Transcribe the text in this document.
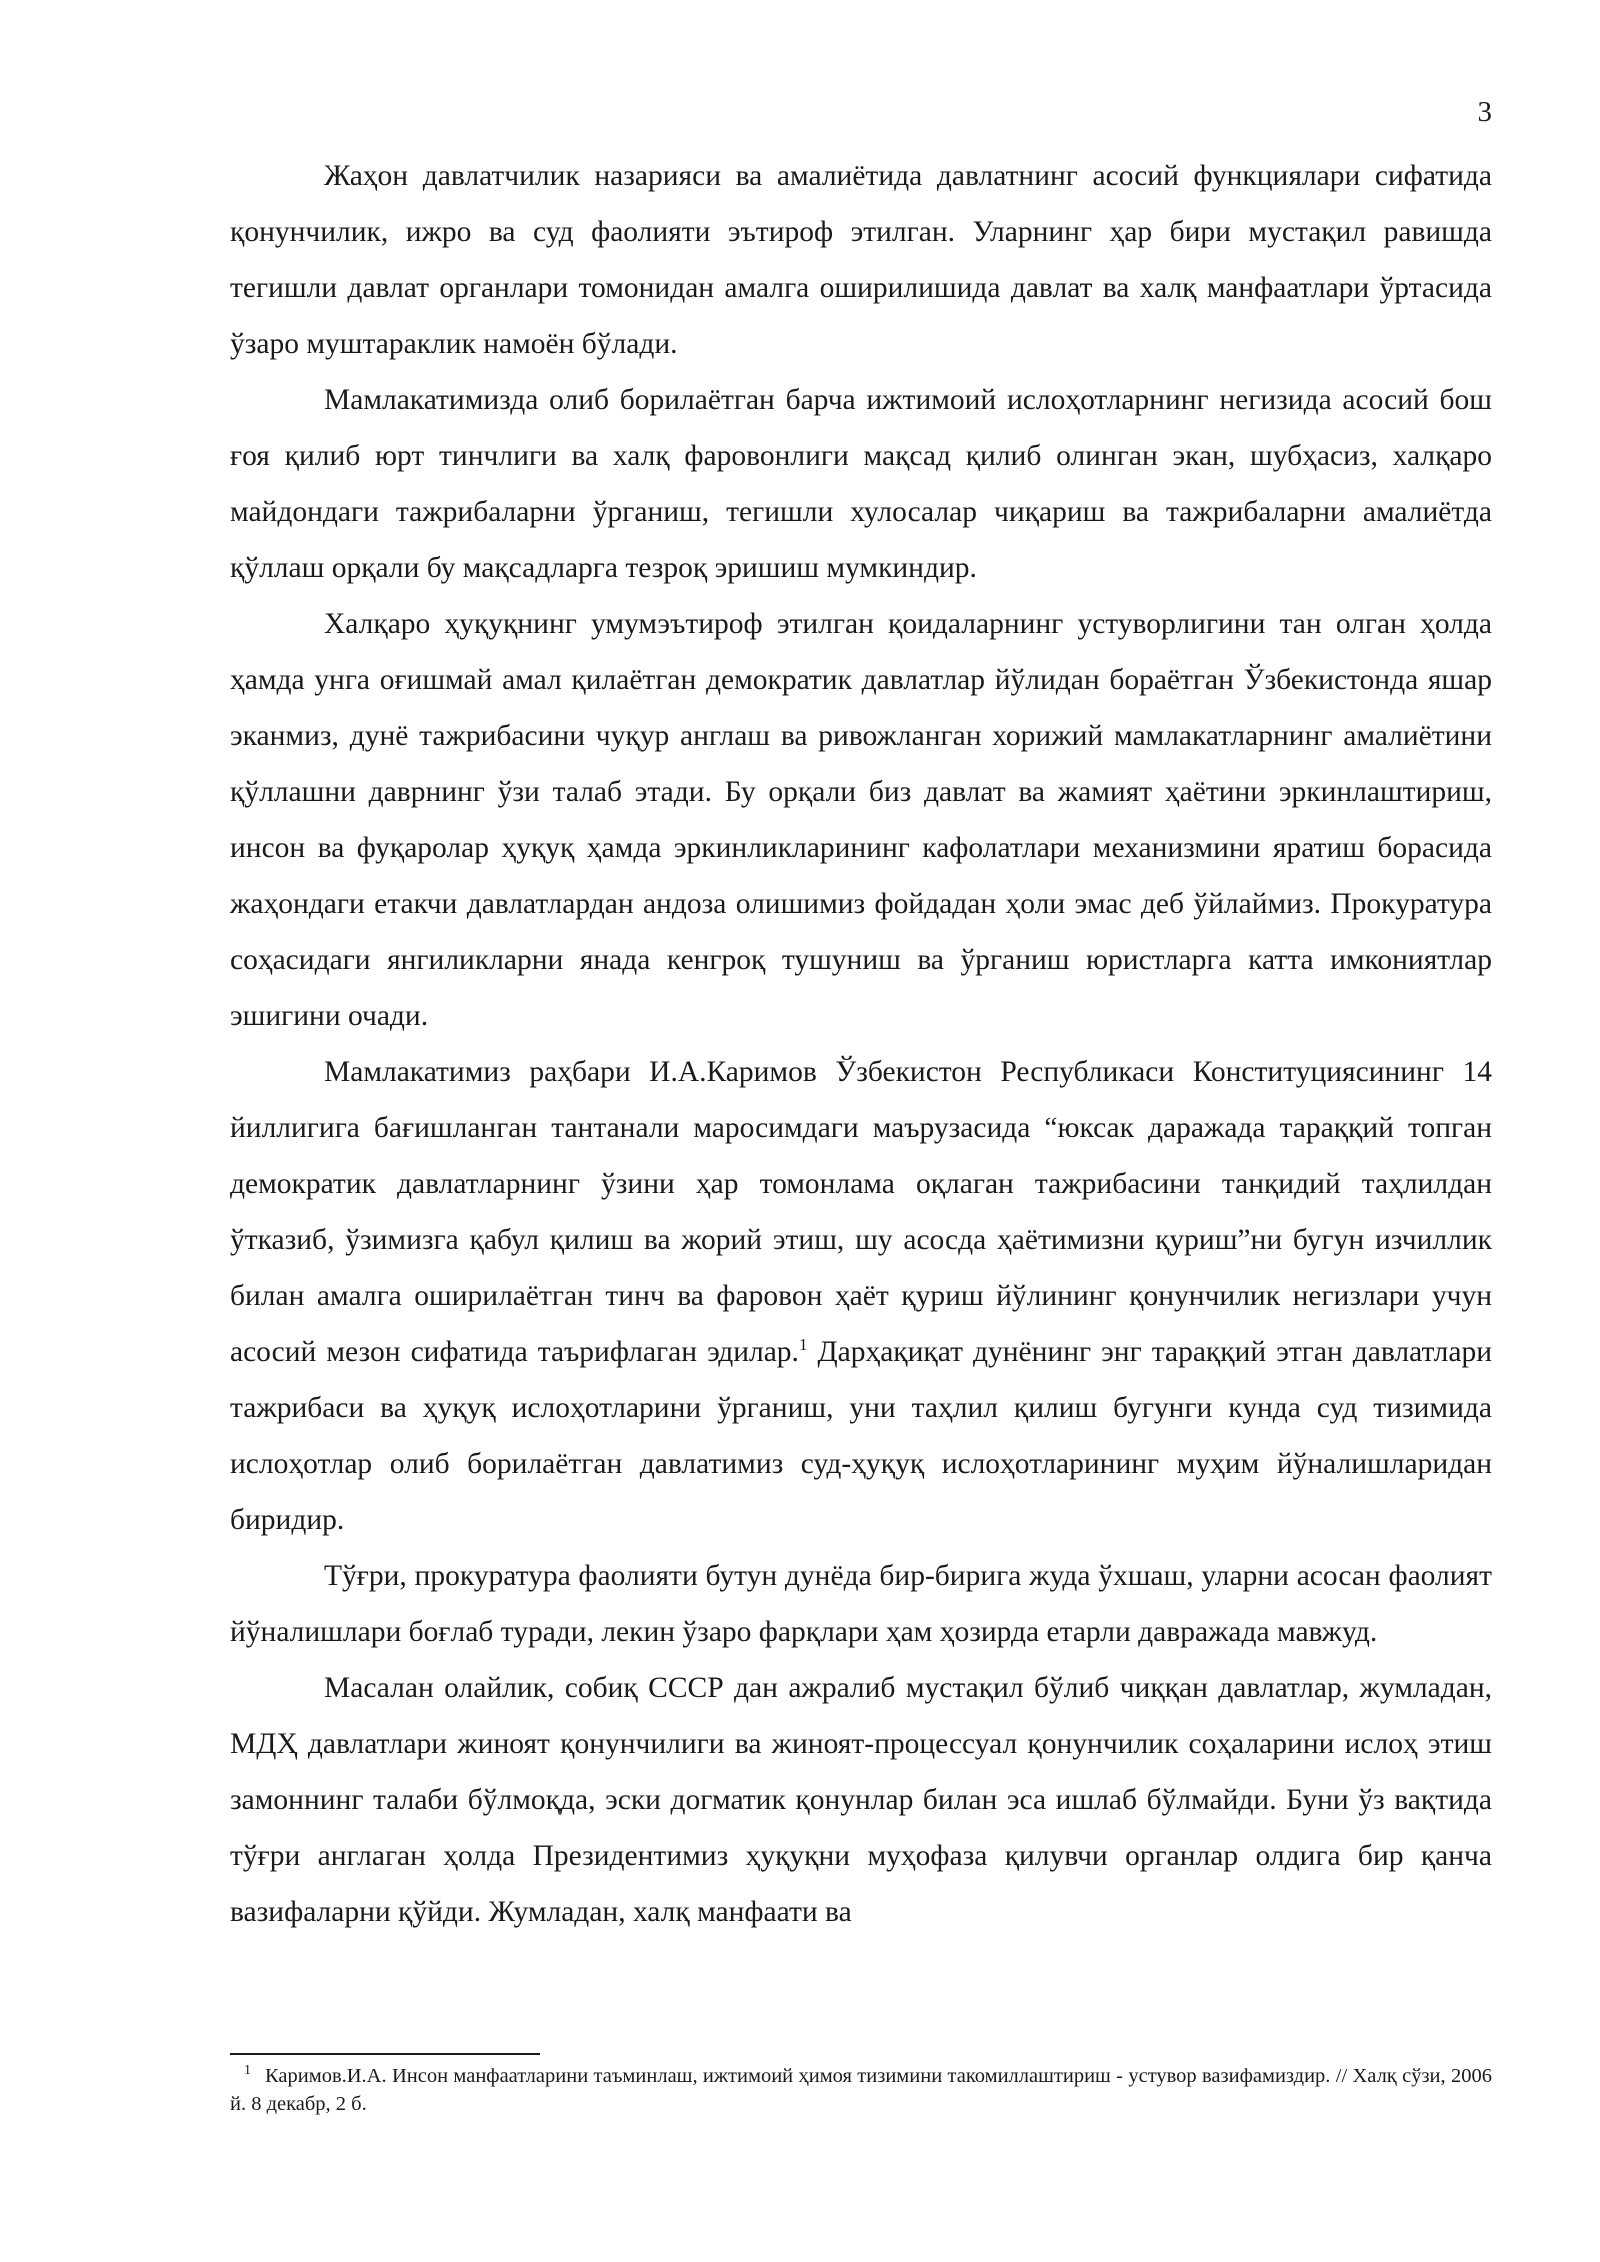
3

Жаҳон давлатчилик назарияси ва амалиётида давлатнинг асосий функциялари сифатида қонунчилик, ижро ва суд фаолияти эътироф этилган. Уларнинг ҳар бири мустақил равишда тегишли давлат органлари томонидан амалга оширилишида давлат ва халқ манфаатлари ўртасида ўзаро муштараклик намоён бўлади.

Мамлакатимизда олиб борилаётган барча ижтимоий ислоҳотларнинг негизида асосий бош ғоя қилиб юрт тинчлиги ва халқ фаровонлиги мақсад қилиб олинган экан, шубҳасиз, халқаро майдондаги тажрибаларни ўрганиш, тегишли хулосалар чиқариш ва тажрибаларни амалиётда қўллаш орқали бу мақсадларга тезроқ эришиш мумкиндир.

Халқаро ҳуқуқнинг умумэътироф этилган қоидаларнинг устуворлигини тан олган ҳолда ҳамда унга оғишмай амал қилаётган демократик давлатлар йўлидан бораётган Ўзбекистонда яшар эканмиз, дунё тажрибасини чуқур англаш ва ривожланган хорижий мамлакатларнинг амалиётини қўллашни даврнинг ўзи талаб этади. Бу орқали биз давлат ва жамият ҳаётини эркинлаштириш, инсон ва фуқаролар ҳуқуқ ҳамда эркинликларининг кафолатлари механизмини яратиш борасида жаҳондаги етакчи давлатлардан андоза олишимиз фойдадан ҳоли эмас деб ўйлаймиз. Прокуратура соҳасидаги янгиликларни янада кенгроқ тушуниш ва ўрганиш юристларга катта имкониятлар эшигини очади.

Мамлакатимиз раҳбари И.А.Каримов Ўзбекистон Республикаси Конституциясининг 14 йиллигига бағишланган тантанали маросимдаги маърузасида “юксак даражада тараққий топган демократик давлатларнинг ўзини ҳар томонлама оқлаган тажрибасини танқидий таҳлилдан ўтказиб, ўзимизга қабул қилиш ва жорий этиш, шу асосда ҳаётимизни қуриш”ни бугун изчиллик билан амалга оширилаётган тинч ва фаровон ҳаёт қуриш йўлининг қонунчилик негизлари учун асосий мезон сифатида таърифлаган эдилар.$^1$ Дарҳақиқат дунёнинг энг тараққий этган давлатлари тажрибаси ва ҳуқуқ ислоҳотларини ўрганиш, уни таҳлил қилиш бугунги кунда суд тизимида ислоҳотлар олиб борилаётган давлатимиз суд-ҳуқуқ ислоҳотларининг муҳим йўналишларидан биридир.

Тўғри, прокуратура фаолияти бутун дунёда бир-бирига жуда ўхшаш, уларни асосан фаолият йўналишлари боғлаб туради, лекин ўзаро фарқлари ҳам ҳозирда етарли давражада мавжуд.

Масалан олайлик, собиқ СССР дан ажралиб мустақил бўлиб чиққан давлатлар, жумладан, МДҲ давлатлари жиноят қонунчилиги ва жиноят-процессуал қонунчилик соҳаларини ислоҳ этиш замоннинг талаби бўлмоқда, эски догматик қонунлар билан эса ишлаб бўлмайди. Буни ўз вақтида тўғри англаган ҳолда Президентимиз ҳуқуқни муҳофаза қилувчи органлар олдига бир қанча вазифаларни қўйди. Жумладан, халқ манфаати ва

$^1$ Каримов.И.А. Инсон манфаатларини таъминлаш, ижтимоий ҳимоя тизимини такомиллаштириш - устувор вазифамиздир. // Халқ сўзи, 2006 й. 8 декабр, 2 б.
